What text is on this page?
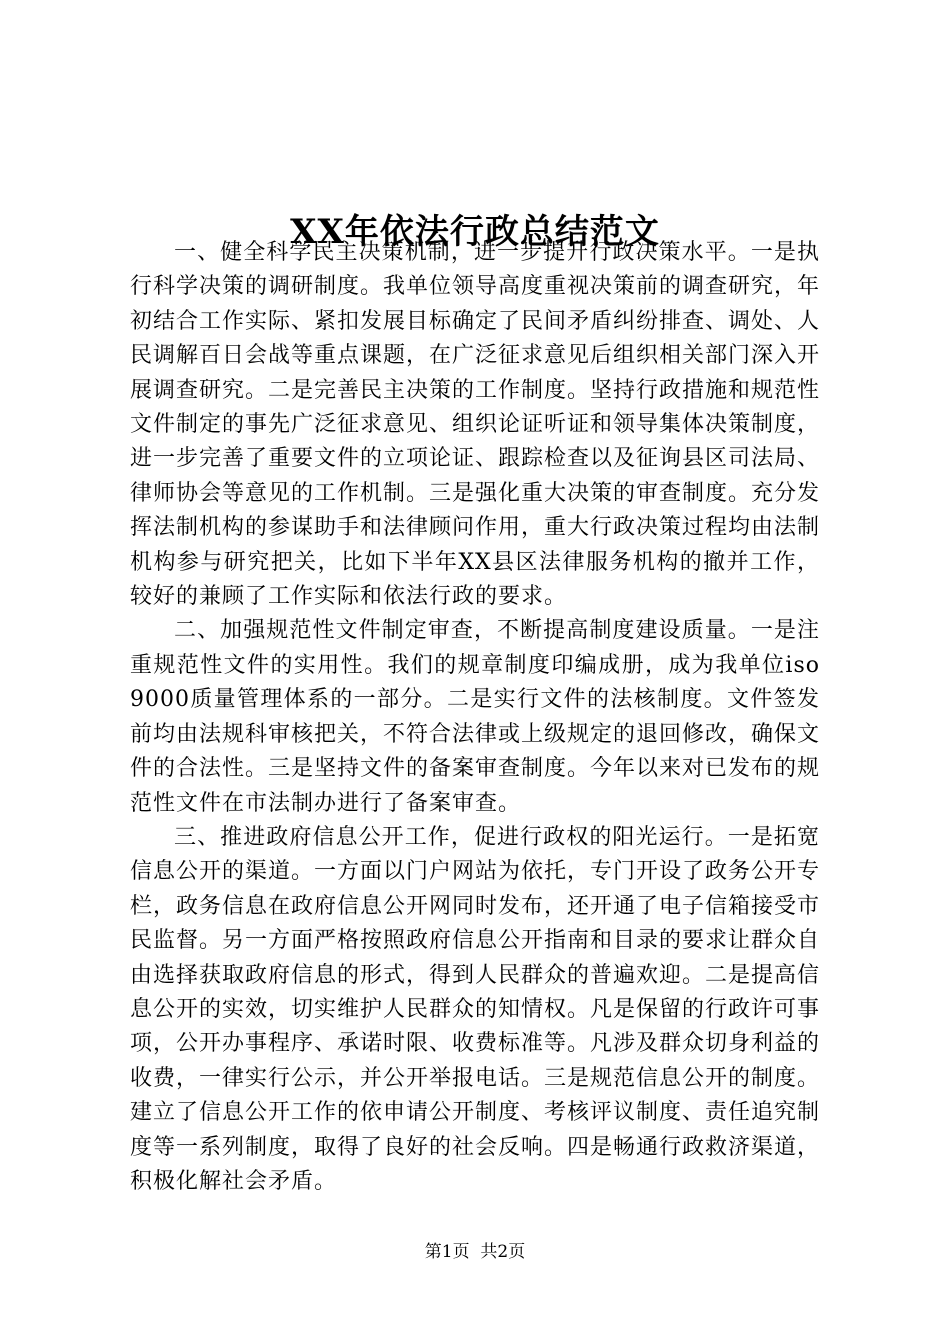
XX年依法行政总结范文

一、健全科学民主决策机制，进一步提升行政决策水平。一是执行科学决策的调研制度。我单位领导高度重视决策前的调查研究，年初结合工作实际、紧扣发展目标确定了民间矛盾纠纷排查、调处、人民调解百日会战等重点课题，在广泛征求意见后组织相关部门深入开展调查研究。二是完善民主决策的工作制度。坚持行政措施和规范性文件制定的事先广泛征求意见、组织论证听证和领导集体决策制度，进一步完善了重要文件的立项论证、跟踪检查以及征询县区司法局、律师协会等意见的工作机制。三是强化重大决策的审查制度。充分发挥法制机构的参谋助手和法律顾问作用，重大行政决策过程均由法制机构参与研究把关，比如下半年XX县区法律服务机构的撤并工作，较好的兼顾了工作实际和依法行政的要求。

二、加强规范性文件制定审查，不断提高制度建设质量。一是注重规范性文件的实用性。我们的规章制度印编成册，成为我单位iso9000质量管理体系的一部分。二是实行文件的法核制度。文件签发前均由法规科审核把关，不符合法律或上级规定的退回修改，确保文件的合法性。三是坚持文件的备案审查制度。今年以来对已发布的规范性文件在市法制办进行了备案审查。

三、推进政府信息公开工作，促进行政权的阳光运行。一是拓宽信息公开的渠道。一方面以门户网站为依托，专门开设了政务公开专栏，政务信息在政府信息公开网同时发布，还开通了电子信箱接受市民监督。另一方面严格按照政府信息公开指南和目录的要求让群众自由选择获取政府信息的形式，得到人民群众的普遍欢迎。二是提高信息公开的实效，切实维护人民群众的知情权。凡是保留的行政许可事项，公开办事程序、承诺时限、收费标准等。凡涉及群众切身利益的收费，一律实行公示，并公开举报电话。三是规范信息公开的制度。建立了信息公开工作的依申请公开制度、考核评议制度、责任追究制度等一系列制度，取得了良好的社会反响。四是畅通行政救济渠道，积极化解社会矛盾。

第1页 共2页
